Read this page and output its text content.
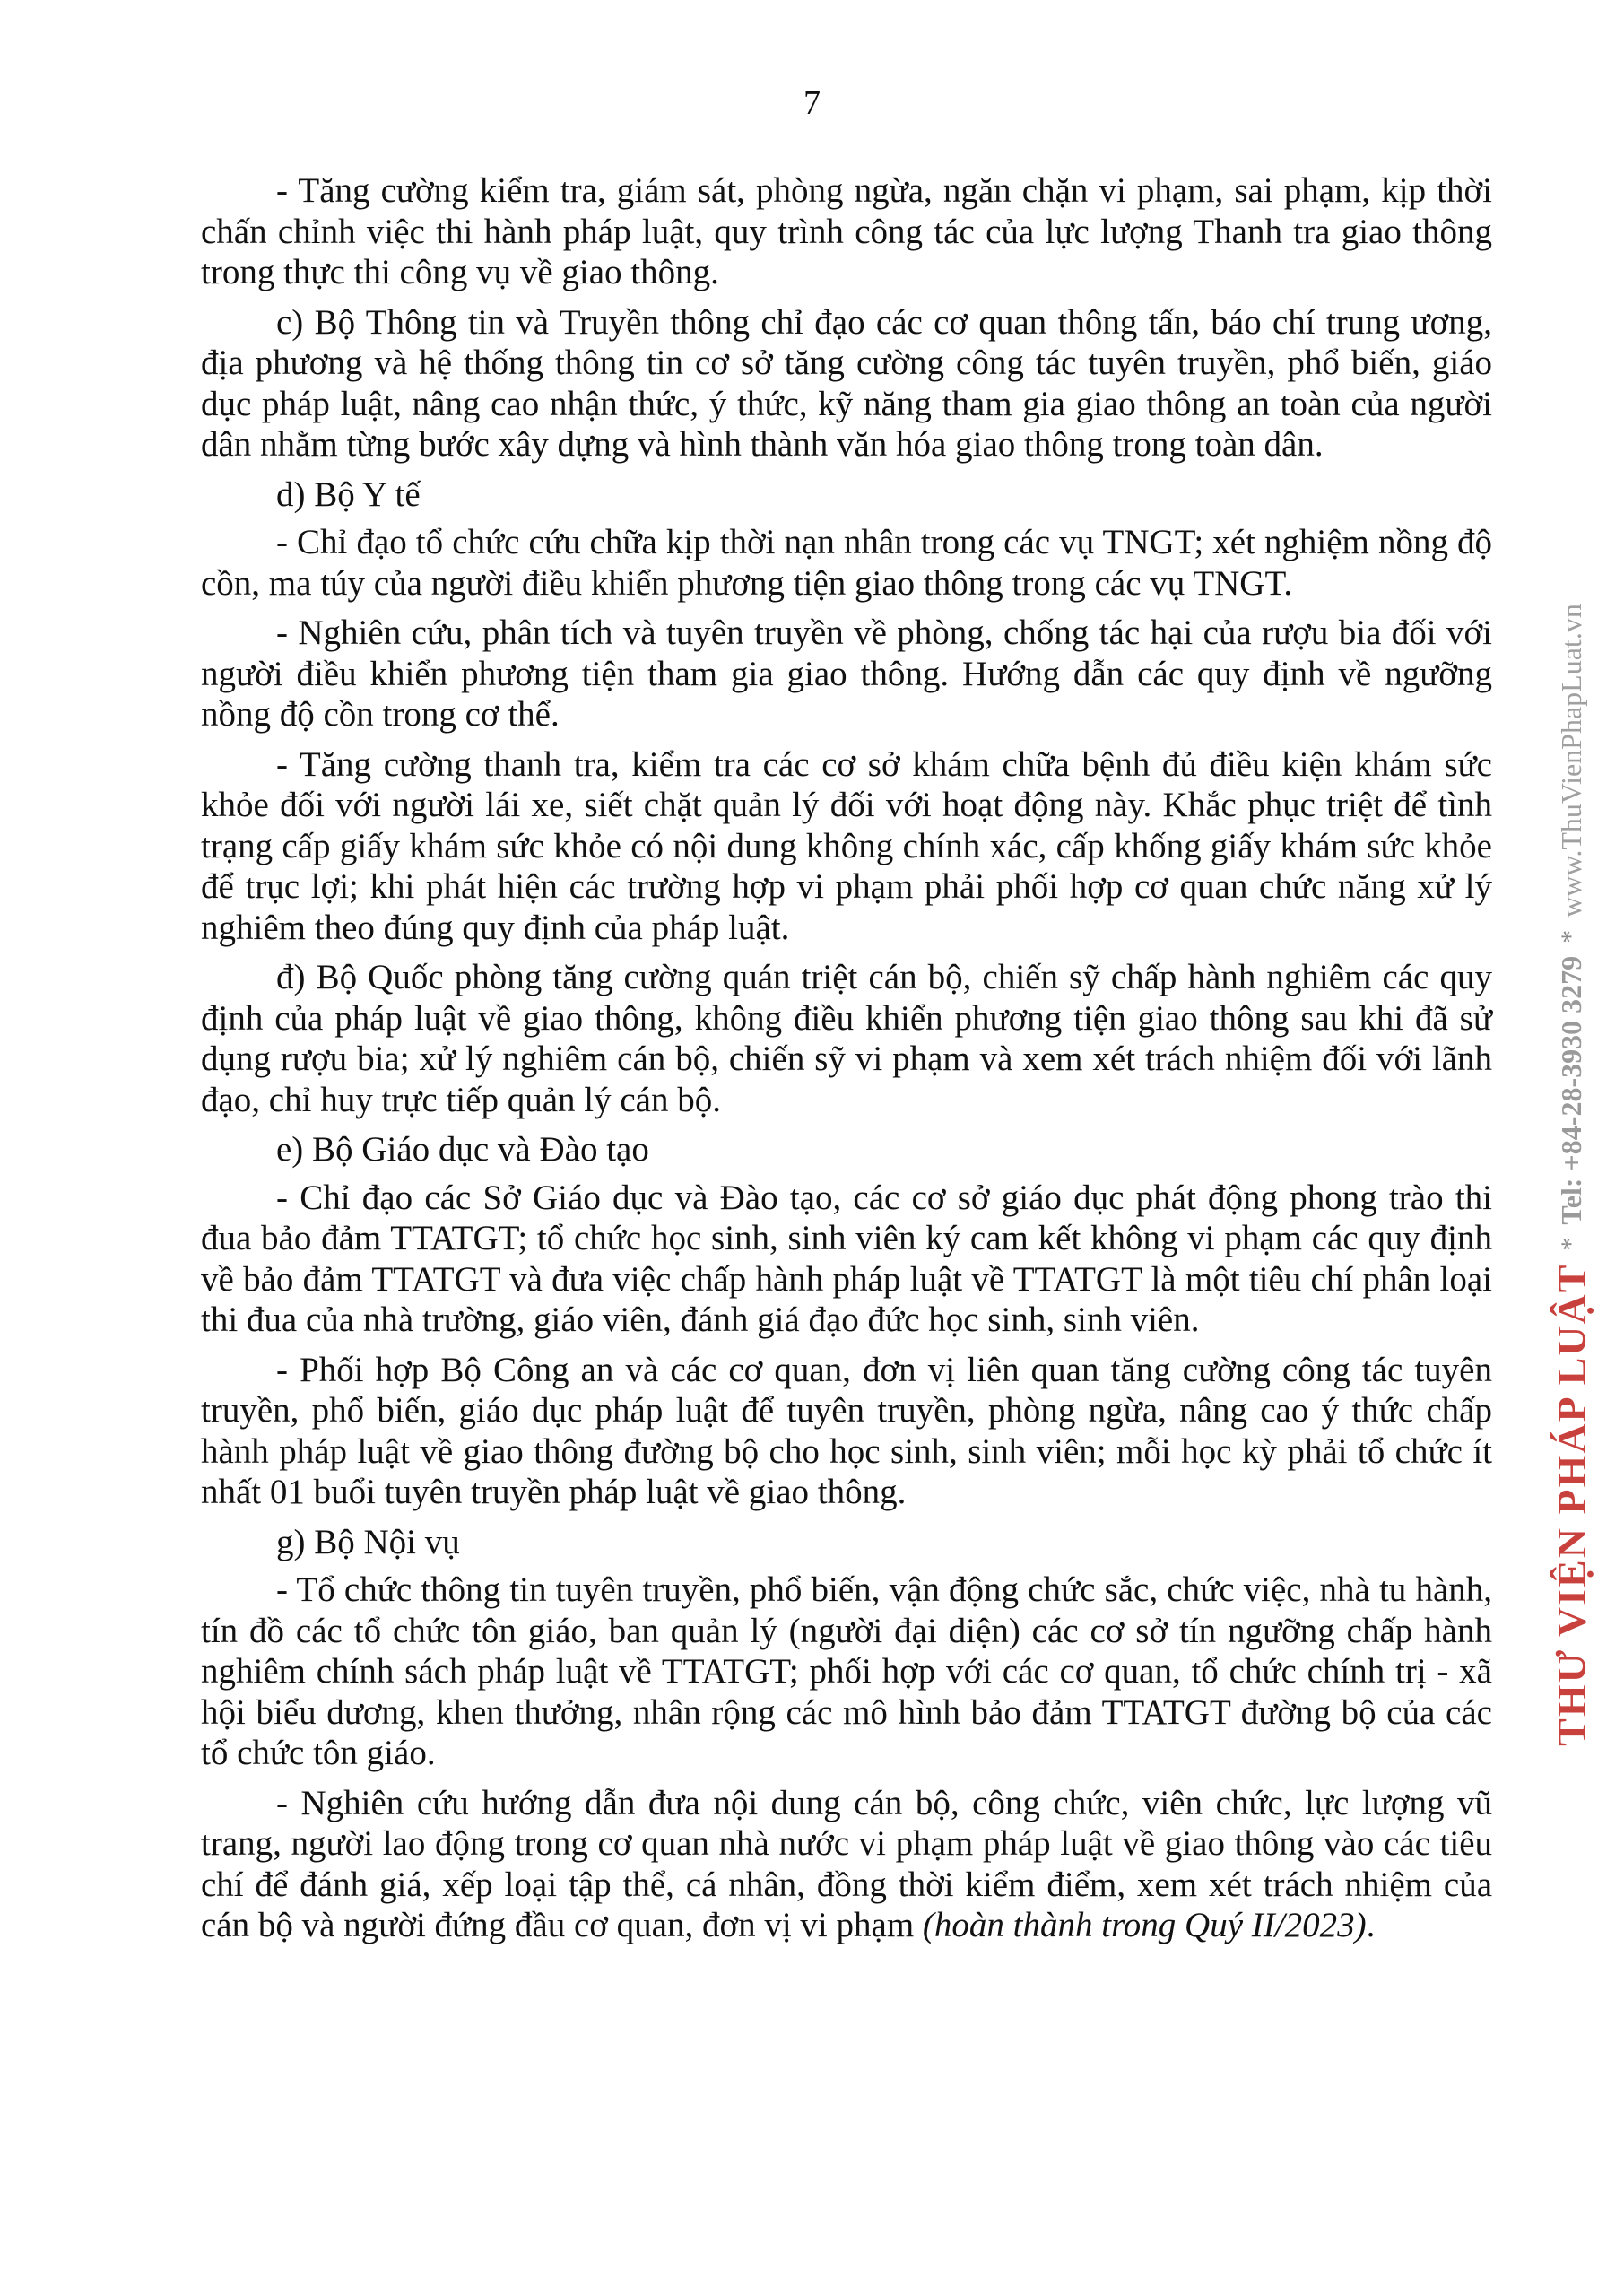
7

- Tăng cường kiểm tra, giám sát, phòng ngừa, ngăn chặn vi phạm, sai phạm, kịp thời chấn chỉnh việc thi hành pháp luật, quy trình công tác của lực lượng Thanh tra giao thông trong thực thi công vụ về giao thông.

c) Bộ Thông tin và Truyền thông chỉ đạo các cơ quan thông tấn, báo chí trung ương, địa phương và hệ thống thông tin cơ sở tăng cường công tác tuyên truyền, phổ biến, giáo dục pháp luật, nâng cao nhận thức, ý thức, kỹ năng tham gia giao thông an toàn của người dân nhằm từng bước xây dựng và hình thành văn hóa giao thông trong toàn dân.

d) Bộ Y tế

- Chỉ đạo tổ chức cứu chữa kịp thời nạn nhân trong các vụ TNGT; xét nghiệm nồng độ cồn, ma túy của người điều khiển phương tiện giao thông trong các vụ TNGT.

- Nghiên cứu, phân tích và tuyên truyền về phòng, chống tác hại của rượu bia đối với người điều khiển phương tiện tham gia giao thông. Hướng dẫn các quy định về ngưỡng nồng độ cồn trong cơ thể.

- Tăng cường thanh tra, kiểm tra các cơ sở khám chữa bệnh đủ điều kiện khám sức khỏe đối với người lái xe, siết chặt quản lý đối với hoạt động này. Khắc phục triệt để tình trạng cấp giấy khám sức khỏe có nội dung không chính xác, cấp khống giấy khám sức khỏe để trục lợi; khi phát hiện các trường hợp vi phạm phải phối hợp cơ quan chức năng xử lý nghiêm theo đúng quy định của pháp luật.

đ) Bộ Quốc phòng tăng cường quán triệt cán bộ, chiến sỹ chấp hành nghiêm các quy định của pháp luật về giao thông, không điều khiển phương tiện giao thông sau khi đã sử dụng rượu bia; xử lý nghiêm cán bộ, chiến sỹ vi phạm và xem xét trách nhiệm đối với lãnh đạo, chỉ huy trực tiếp quản lý cán bộ.

e) Bộ Giáo dục và Đào tạo

- Chỉ đạo các Sở Giáo dục và Đào tạo, các cơ sở giáo dục phát động phong trào thi đua bảo đảm TTATGT; tổ chức học sinh, sinh viên ký cam kết không vi phạm các quy định về bảo đảm TTATGT và đưa việc chấp hành pháp luật về TTATGT là một tiêu chí phân loại thi đua của nhà trường, giáo viên, đánh giá đạo đức học sinh, sinh viên.

- Phối hợp Bộ Công an và các cơ quan, đơn vị liên quan tăng cường công tác tuyên truyền, phổ biến, giáo dục pháp luật để tuyên truyền, phòng ngừa, nâng cao ý thức chấp hành pháp luật về giao thông đường bộ cho học sinh, sinh viên; mỗi học kỳ phải tổ chức ít nhất 01 buổi tuyên truyền pháp luật về giao thông.

g) Bộ Nội vụ

- Tổ chức thông tin tuyên truyền, phổ biến, vận động chức sắc, chức việc, nhà tu hành, tín đồ các tổ chức tôn giáo, ban quản lý (người đại diện) các cơ sở tín ngưỡng chấp hành nghiêm chính sách pháp luật về TTATGT; phối hợp với các cơ quan, tổ chức chính trị - xã hội biểu dương, khen thưởng, nhân rộng các mô hình bảo đảm TTATGT đường bộ của các tổ chức tôn giáo.

- Nghiên cứu hướng dẫn đưa nội dung cán bộ, công chức, viên chức, lực lượng vũ trang, người lao động trong cơ quan nhà nước vi phạm pháp luật về giao thông vào các tiêu chí để đánh giá, xếp loại tập thể, cá nhân, đồng thời kiểm điểm, xem xét trách nhiệm của cán bộ và người đứng đầu cơ quan, đơn vị vi phạm (hoàn thành trong Quý II/2023).

THƯ VIỆN PHÁP LUẬT
*
Tel: +84-28-3930 3279
*
www.ThuVienPhapLuat.vn
